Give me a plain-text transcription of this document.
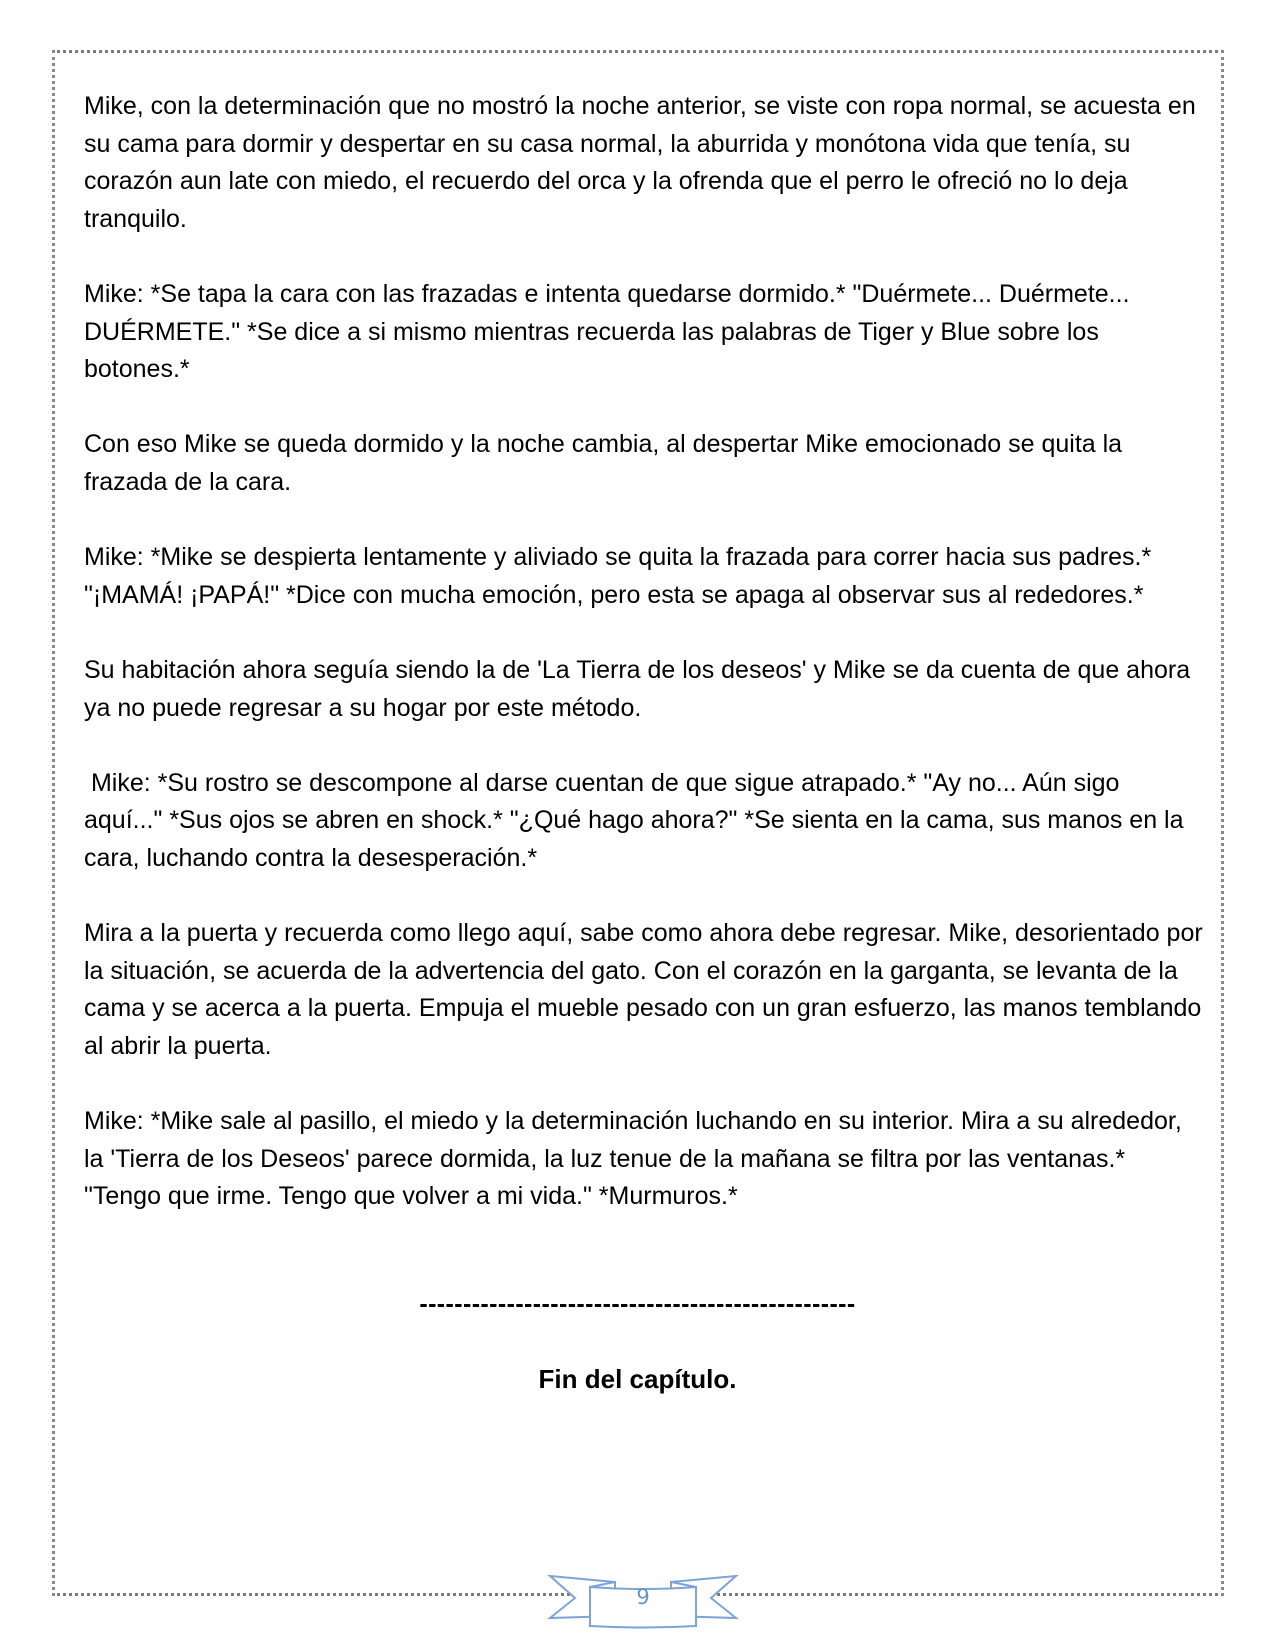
Mike, con la determinación que no mostró la noche anterior, se viste con ropa normal, se acuesta en su cama para dormir y despertar en su casa normal, la aburrida y monótona vida que tenía, su corazón aun late con miedo, el recuerdo del orca y la ofrenda que el perro le ofreció no lo deja tranquilo.

Mike: *Se tapa la cara con las frazadas e intenta quedarse dormido.* "Duérmete... Duérmete... DUÉRMETE." *Se dice a si mismo mientras recuerda las palabras de Tiger y Blue sobre los botones.*

Con eso Mike se queda dormido y la noche cambia, al despertar Mike emocionado se quita la frazada de la cara.

Mike: *Mike se despierta lentamente y aliviado se quita la frazada para correr hacia sus padres.* "¡MAMÁ! ¡PAPÁ!" *Dice con mucha emoción, pero esta se apaga al observar sus al rededores.*

Su habitación ahora seguía siendo la de 'La Tierra de los deseos' y Mike se da cuenta de que ahora ya no puede regresar a su hogar por este método.

Mike: *Su rostro se descompone al darse cuentan de que sigue atrapado.* "Ay no... Aún sigo aquí..." *Sus ojos se abren en shock.* "¿Qué hago ahora?" *Se sienta en la cama, sus manos en la cara, luchando contra la desesperación.*

Mira a la puerta y recuerda como llego aquí, sabe como ahora debe regresar. Mike, desorientado por la situación, se acuerda de la advertencia del gato. Con el corazón en la garganta, se levanta de la cama y se acerca a la puerta. Empuja el mueble pesado con un gran esfuerzo, las manos temblando al abrir la puerta.

Mike: *Mike sale al pasillo, el miedo y la determinación luchando en su interior. Mira a su alrededor, la 'Tierra de los Deseos' parece dormida, la luz tenue de la mañana se filtra por las ventanas.* "Tengo que irme. Tengo que volver a mi vida." *Murmuros.*

--------------------------------------------------
Fin del capítulo.
9
